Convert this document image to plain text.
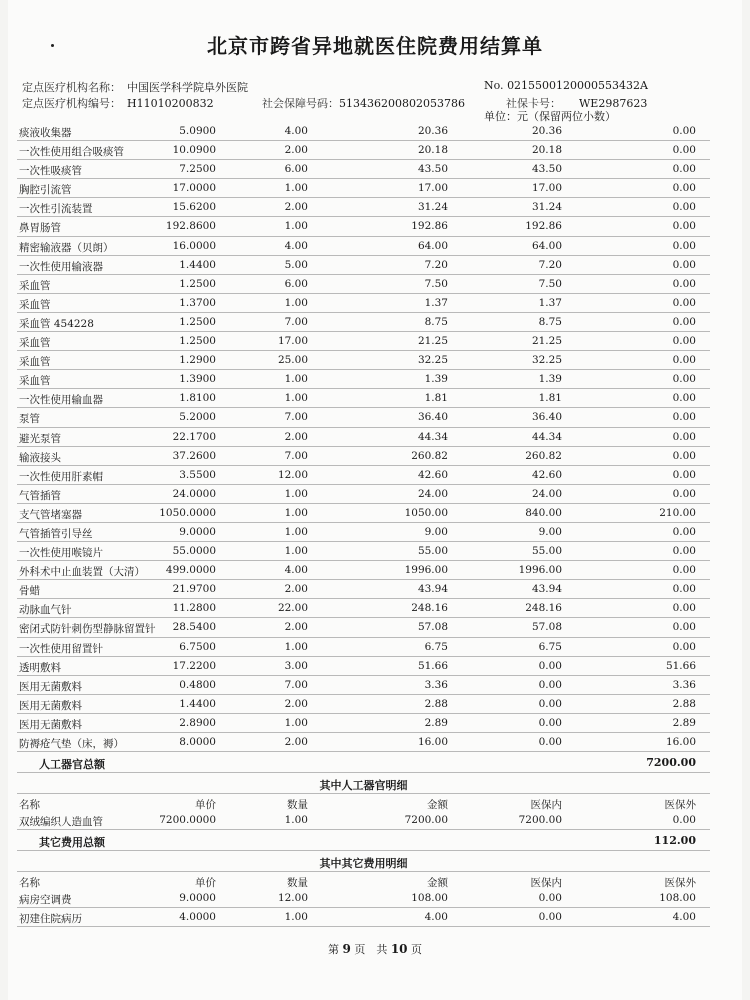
北京市跨省异地就医住院费用结算单
定点医疗机构名称： 中国医学科学院阜外医院	No. 0215500120000553432A
定点医疗机构编号： H11010200832	社会保障号码：513436200802053786	社保卡号： WE2987623
单位：元（保留两位小数）
痰液收集器	5.0900	4.00	20.36	20.36	0.00
一次性使用组合吸痰管	10.0900	2.00	20.18	20.18	0.00
一次性吸痰管	7.2500	6.00	43.50	43.50	0.00
胸腔引流管	17.0000	1.00	17.00	17.00	0.00
一次性引流装置	15.6200	2.00	31.24	31.24	0.00
鼻胃肠管	192.8600	1.00	192.86	192.86	0.00
精密输液器（贝朗）	16.0000	4.00	64.00	64.00	0.00
一次性使用输液器	1.4400	5.00	7.20	7.20	0.00
采血管	1.2500	6.00	7.50	7.50	0.00
采血管	1.3700	1.00	1.37	1.37	0.00
采血管 454228	1.2500	7.00	8.75	8.75	0.00
采血管	1.2500	17.00	21.25	21.25	0.00
采血管	1.2900	25.00	32.25	32.25	0.00
采血管	1.3900	1.00	1.39	1.39	0.00
一次性使用输血器	1.8100	1.00	1.81	1.81	0.00
泵管	5.2000	7.00	36.40	36.40	0.00
避光泵管	22.1700	2.00	44.34	44.34	0.00
输液接头	37.2600	7.00	260.82	260.82	0.00
一次性使用肝素帽	3.5500	12.00	42.60	42.60	0.00
气管插管	24.0000	1.00	24.00	24.00	0.00
支气管堵塞器	1050.0000	1.00	1050.00	840.00	210.00
气管插管引导丝	9.0000	1.00	9.00	9.00	0.00
一次性使用喉镜片	55.0000	1.00	55.00	55.00	0.00
外科术中止血装置（大清） 499.0000	4.00	1996.00	1996.00	0.00
骨蜡	21.9700	2.00	43.94	43.94	0.00
动脉血气针	11.2800	22.00	248.16	248.16	0.00
密闭式防针刺伤型静脉留置针 28.5400	2.00	57.08	57.08	0.00
一次性使用留置针	6.7500	1.00	6.75	6.75	0.00
透明敷料	17.2200	3.00	51.66	0.00	51.66
医用无菌敷料	0.4800	7.00	3.36	0.00	3.36
医用无菌敷料	1.4400	2.00	2.88	0.00	2.88
医用无菌敷料	2.8900	1.00	2.89	0.00	2.89
防褥疮气垫（床，褥）	8.0000	2.00	16.00	0.00	16.00
人工器官总额	7200.00
其中人工器官明细
名称	单价	数量	金额	医保内	医保外
双绒编织人造血管	7200.0000	1.00	7200.00	7200.00	0.00
其它费用总额	112.00
其中其它费用明细
名称	单价	数量	金额	医保内	医保外
病房空调费	9.0000	12.00	108.00	0.00	108.00
初建住院病历	4.0000	1.00	4.00	0.00	4.00
第 9 页　共 10 页
